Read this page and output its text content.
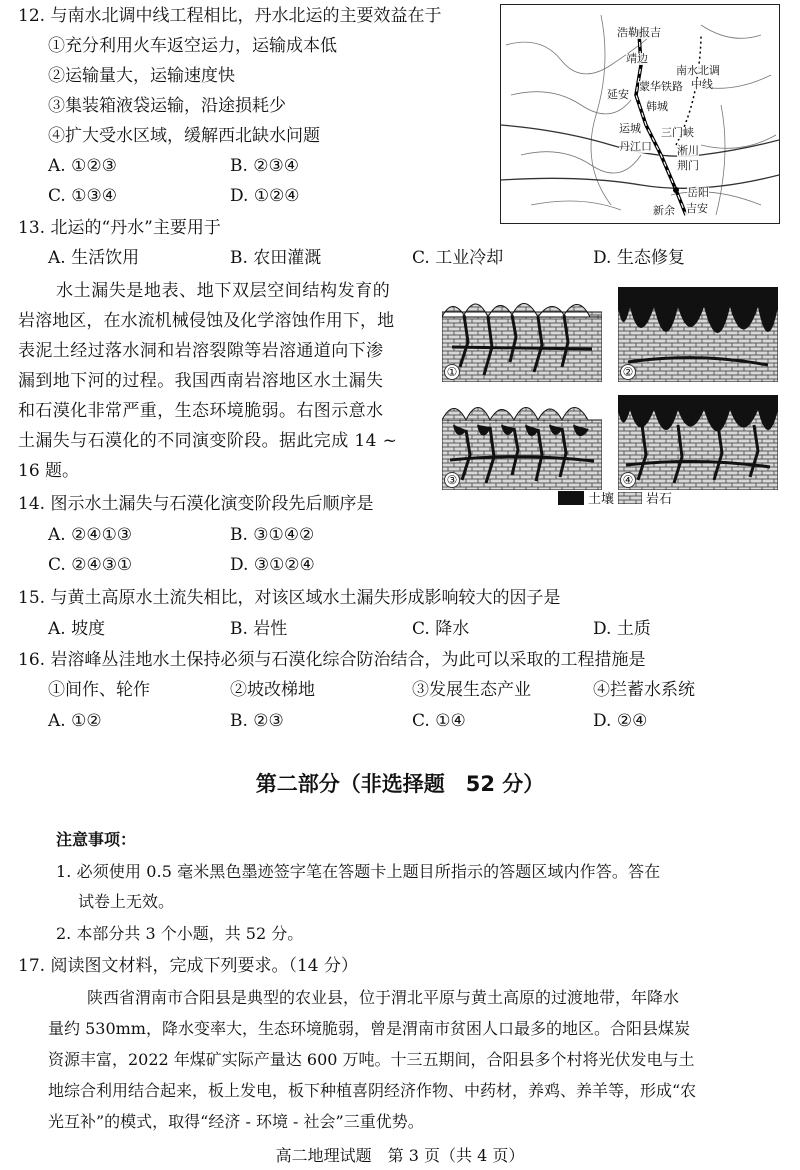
12. 与南水北调中线工程相比，丹水北运的主要效益在于
①充分利用火车返空运力，运输成本低
②运输量大，运输速度快
③集装箱液袋运输，沿途损耗少
④扩大受水区域，缓解西北缺水问题
A. ①②③	B. ②③④
C. ①③④	D. ①②④
浩勒报吉
靖边
南水北调
中线
蒙华铁路
延安
韩城
运城 三门峡
丹江口 淅川
荆门
岳阳
新余 吉安
13. 北运的“丹水”主要用于
A. 生活饮用	B. 农田灌溉	C. 工业冷却	D. 生态修复
水土漏失是地表、地下双层空间结构发育的
岩溶地区，在水流机械侵蚀及化学溶蚀作用下，地
表泥土经过落水洞和岩溶裂隙等岩溶通道向下渗
漏到地下河的过程。我国西南岩溶地区水土漏失
和石漠化非常严重，生态环境脆弱。右图示意水
土漏失与石漠化的不同演变阶段。据此完成 14 ~
16 题。
①	②
③	④
土壤 岩石
14. 图示水土漏失与石漠化演变阶段先后顺序是
A. ②④①③	B. ③①④②
C. ②④③①	D. ③①②④
15. 与黄土高原水土流失相比，对该区域水土漏失形成影响较大的因子是
A. 坡度	B. 岩性	C. 降水	D. 土质
16. 岩溶峰丛洼地水土保持必须与石漠化综合防治结合，为此可以采取的工程措施是
①间作、轮作	②坡改梯地	③发展生态产业	④拦蓄水系统
A. ①②	B. ②③	C. ①④	D. ②④
第二部分（非选择题　52 分）
注意事项：
1. 必须使用 0.5 毫米黑色墨迹签字笔在答题卡上题目所指示的答题区域内作答。答在
试卷上无效。
2. 本部分共 3 个小题，共 52 分。
17. 阅读图文材料，完成下列要求。（14 分）
陕西省渭南市合阳县是典型的农业县，位于渭北平原与黄土高原的过渡地带，年降水
量约 530mm，降水变率大，生态环境脆弱，曾是渭南市贫困人口最多的地区。合阳县煤炭
资源丰富，2022 年煤矿实际产量达 600 万吨。十三五期间，合阳县多个村将光伏发电与土
地综合利用结合起来，板上发电，板下种植喜阴经济作物、中药材，养鸡、养羊等，形成“农
光互补”的模式，取得“经济 - 环境 - 社会”三重优势。
高二地理试题　第 3 页（共 4 页）
